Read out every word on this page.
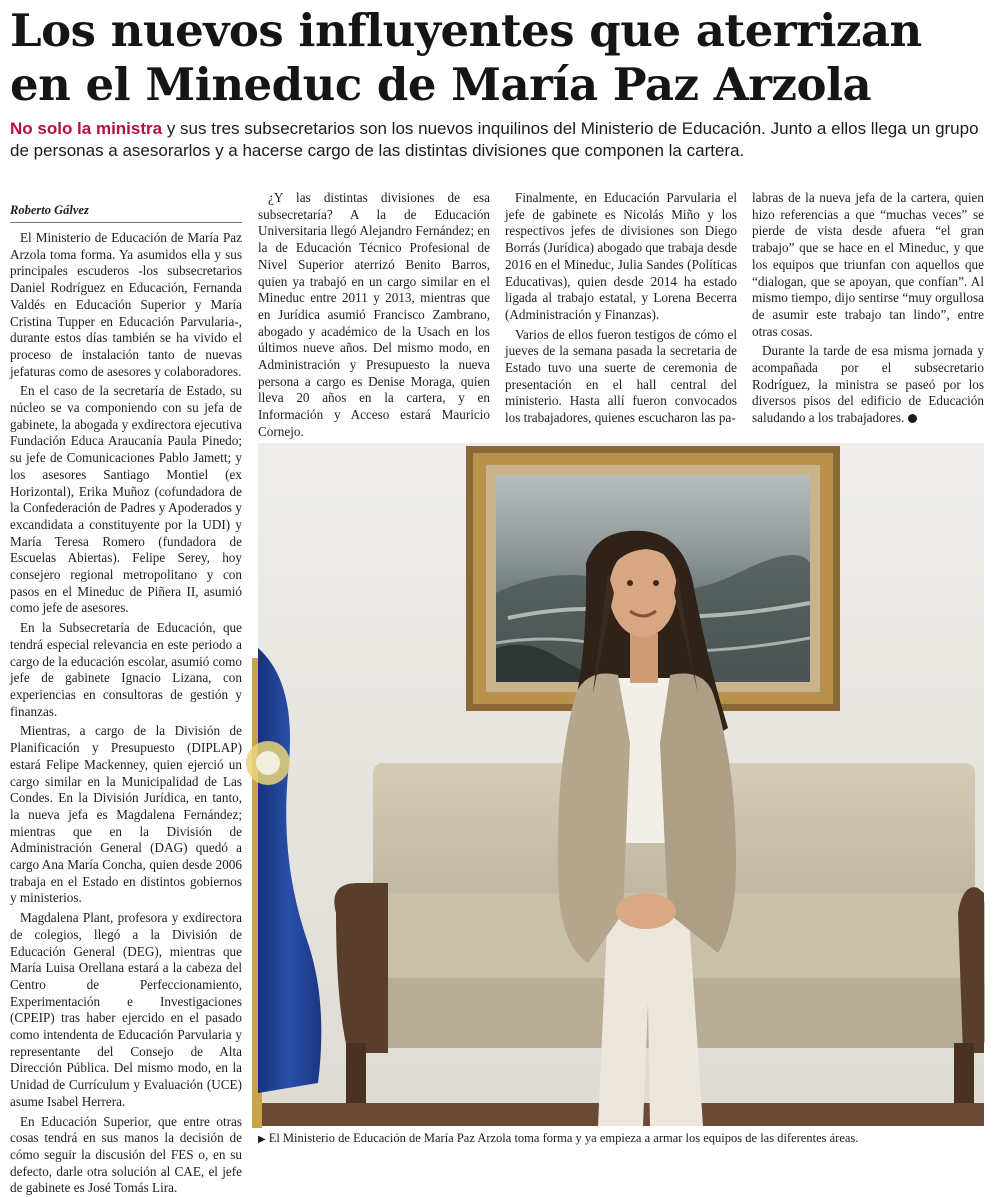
Los nuevos influyentes que aterrizan en el Mineduc de María Paz Arzola

No solo la ministra y sus tres subsecretarios son los nuevos inquilinos del Ministerio de Educación. Junto a ellos llega un grupo de personas a asesorarlos y a hacerse cargo de las distintas divisiones que componen la cartera.

Roberto Gálvez

El Ministerio de Educación de María Paz Arzola toma forma. Ya asumidos ella y sus principales escuderos -los subsecretarios Daniel Rodríguez en Educación, Fernanda Valdés en Educación Superior y María Cristina Tupper en Educación Parvularia-, durante estos días también se ha vivido el proceso de instalación tanto de nuevas jefaturas como de asesores y colaboradores.

En el caso de la secretaría de Estado, su núcleo se va componiendo con su jefa de gabinete, la abogada y exdirectora ejecutiva Fundación Educa Araucanía Paula Pinedo; su jefe de Comunicaciones Pablo Jamett; y los asesores Santiago Montiel (ex Horizontal), Erika Muñoz (cofundadora de la Confederación de Padres y Apoderados y excandidata a constituyente por la UDI) y María Teresa Romero (fundadora de Escuelas Abiertas). Felipe Serey, hoy consejero regional metropolitano y con pasos en el Mineduc de Piñera II, asumió como jefe de asesores.

En la Subsecretaría de Educación, que tendrá especial relevancia en este periodo a cargo de la educación escolar, asumió como jefe de gabinete Ignacio Lizana, con experiencias en consultoras de gestión y finanzas.

Mientras, a cargo de la División de Planificación y Presupuesto (DIPLAP) estará Felipe Mackenney, quien ejerció un cargo similar en la Municipalidad de Las Condes. En la División Jurídica, en tanto, la nueva jefa es Magdalena Fernández; mientras que en la División de Administración General (DAG) quedó a cargo Ana María Concha, quien desde 2006 trabaja en el Estado en distintos gobiernos y ministerios.

Magdalena Plant, profesora y exdirectora de colegios, llegó a la División de Educación General (DEG), mientras que María Luisa Orellana estará a la cabeza del Centro de Perfeccionamiento, Experimentación e Investigaciones (CPEIP) tras haber ejercido en el pasado como intendenta de Educación Parvularia y representante del Consejo de Alta Dirección Pública. Del mismo modo, en la Unidad de Currículum y Evaluación (UCE) asume Isabel Herrera.

En Educación Superior, que entre otras cosas tendrá en sus manos la decisión de cómo seguir la discusión del FES o, en su defecto, darle otra solución al CAE, el jefe de gabinete es José Tomás Lira.

¿Y las distintas divisiones de esa subsecretaría? A la de Educación Universitaria llegó Alejandro Fernández; en la de Educación Técnico Profesional de Nivel Superior aterrizó Benito Barros, quien ya trabajó en un cargo similar en el Mineduc entre 2011 y 2013, mientras que en Jurídica asumió Francisco Zambrano, abogado y académico de la Usach en los últimos nueve años. Del mismo modo, en Administración y Presupuesto la nueva persona a cargo es Denise Moraga, quien lleva 20 años en la cartera, y en Información y Acceso estará Mauricio Cornejo.

Finalmente, en Educación Parvularia el jefe de gabinete es Nicolás Miño y los respectivos jefes de divisiones son Diego Borrás (Jurídica) abogado que trabaja desde 2016 en el Mineduc, Julia Sandes (Políticas Educativas), quien desde 2014 ha estado ligada al trabajo estatal, y Lorena Becerra (Administración y Finanzas).

Varios de ellos fueron testigos de cómo el jueves de la semana pasada la secretaria de Estado tuvo una suerte de ceremonia de presentación en el hall central del ministerio. Hasta allí fueron convocados los trabajadores, quienes escucharon las pa-

labras de la nueva jefa de la cartera, quien hizo referencias a que “muchas veces” se pierde de vista desde afuera “el gran trabajo” que se hace en el Mineduc, y que los equipos que triunfan con aquellos que “dialogan, que se apoyan, que confían”. Al mismo tiempo, dijo sentirse “muy orgullosa de asumir este trabajo tan lindo”, entre otras cosas.

Durante la tarde de esa misma jornada y acompañada por el subsecretario Rodríguez, la ministra se paseó por los diversos pisos del edificio de Educación saludando a los trabajadores.

▶ El Ministerio de Educación de María Paz Arzola toma forma y ya empieza a armar los equipos de las diferentes áreas.
